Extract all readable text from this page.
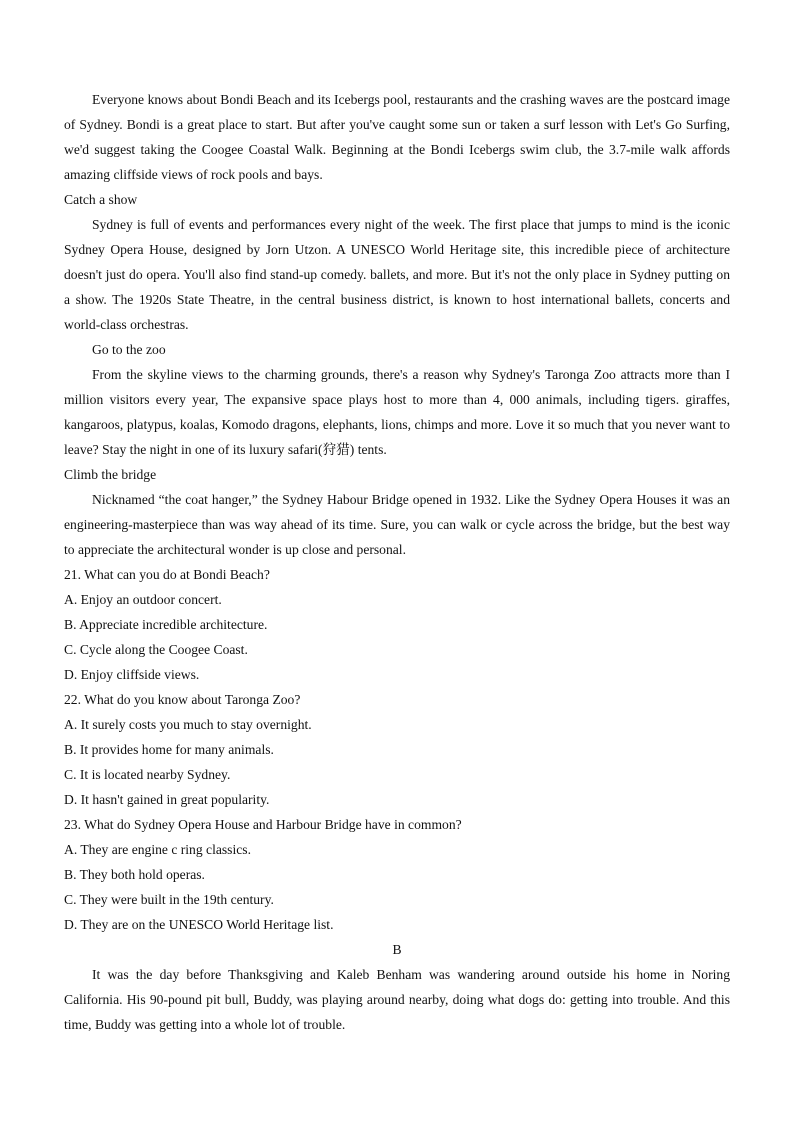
Everyone knows about Bondi Beach and its Icebergs pool, restaurants and the crashing waves are the postcard image of Sydney. Bondi is a great place to start. But after you've caught some sun or taken a surf lesson with Let's Go Surfing, we'd suggest taking the Coogee Coastal Walk. Beginning at the Bondi Icebergs swim club, the 3.7-mile walk affords amazing cliffside views of rock pools and bays.

Catch a show

Sydney is full of events and performances every night of the week. The first place that jumps to mind is the iconic Sydney Opera House, designed by Jorn Utzon. A UNESCO World Heritage site, this incredible piece of architecture doesn't just do opera. You'll also find stand-up comedy. ballets, and more. But it's not the only place in Sydney putting on a show. The 1920s State Theatre, in the central business district, is known to host international ballets, concerts and world-class orchestras.

Go to the zoo

From the skyline views to the charming grounds, there's a reason why Sydney's Taronga Zoo attracts more than I million visitors every year, The expansive space plays host to more than 4, 000 animals, including tigers. giraffes, kangaroos, platypus, koalas, Komodo dragons, elephants, lions, chimps and more. Love it so much that you never want to leave? Stay the night in one of its luxury safari(狩猎) tents.

Climb the bridge

Nicknamed “the coat hanger,” the Sydney Habour Bridge opened in 1932. Like the Sydney Opera Houses it was an engineering-masterpiece than was way ahead of its time. Sure, you can walk or cycle across the bridge, but the best way to appreciate the architectural wonder is up close and personal.

21. What can you do at Bondi Beach?

A. Enjoy an outdoor concert.

B. Appreciate incredible architecture.

C. Cycle along the Coogee Coast.

D. Enjoy cliffside views.

22. What do you know about Taronga Zoo?

A. It surely costs you much to stay overnight.

B. It provides home for many animals.

C. It is located nearby Sydney.

D. It hasn't gained in great popularity.

23. What do Sydney Opera House and Harbour Bridge have in common?

A. They are engine c ring classics.

B. They both hold operas.

C. They were built in the 19th century.

D. They are on the UNESCO World Heritage list.

B

It was the day before Thanksgiving and Kaleb Benham was wandering around outside his home in Noring California. His 90-pound pit bull, Buddy, was playing around nearby, doing what dogs do: getting into trouble. And this time, Buddy was getting into a whole lot of trouble.
